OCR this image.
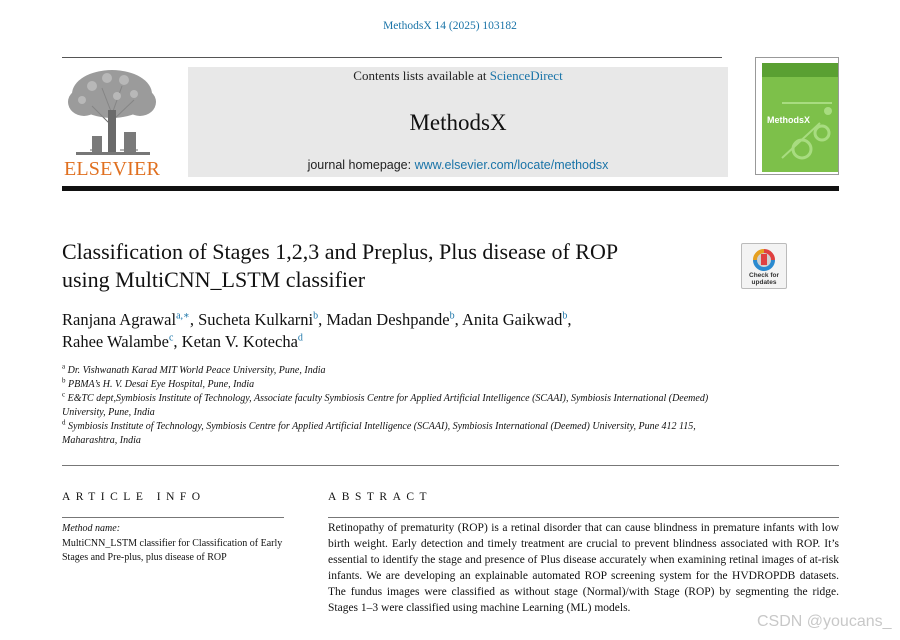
MethodsX 14 (2025) 103182
ELSEVIER
Contents lists available at ScienceDirect
MethodsX
journal homepage: www.elsevier.com/locate/methodsx
MethodsX
Classification of Stages 1,2,3 and Preplus, Plus disease of ROP
using MultiCNN_LSTM classifier	Check for
updates
Ranjana Agrawal$^{a,∗}$, Sucheta Kulkarni$^b$, Madan Deshpande$^b$, Anita Gaikwad$^b$,
Rahee Walambe$^c$, Ketan V. Kotecha$^d$
$^a$ Dr. Vishwanath Karad MIT World Peace University, Pune, India
$^b$ PBMA’s H. V. Desai Eye Hospital, Pune, India
$^c$ E&TC dept,Symbiosis Institute of Technology, Associate faculty Symbiosis Centre for Applied Artificial Intelligence (SCAAI), Symbiosis International (Deemed) University, Pune, India
$^d$ Symbiosis Institute of Technology, Symbiosis Centre for Applied Artificial Intelligence (SCAAI), Symbiosis International (Deemed) University, Pune 412 115, Maharashtra, India
ARTICLE INFO	ABSTRACT
Method name:
MultiCNN_LSTM classifier for Classification of Early Stages and Pre-plus, plus disease of ROP
Retinopathy of prematurity (ROP) is a retinal disorder that can cause blindness in premature infants with low birth weight. Early detection and timely treatment are crucial to prevent blindness associated with ROP. It’s essential to identify the stage and presence of Plus disease accurately when examining retinal images of at-risk infants. We are developing an explainable automated ROP screening system for the HVDROPDB datasets. The fundus images were classified as without stage (Normal)/with Stage (ROP) by segmenting the ridge. Stages 1–3 were classified using machine Learning (ML) models.
CSDN @youcans_
